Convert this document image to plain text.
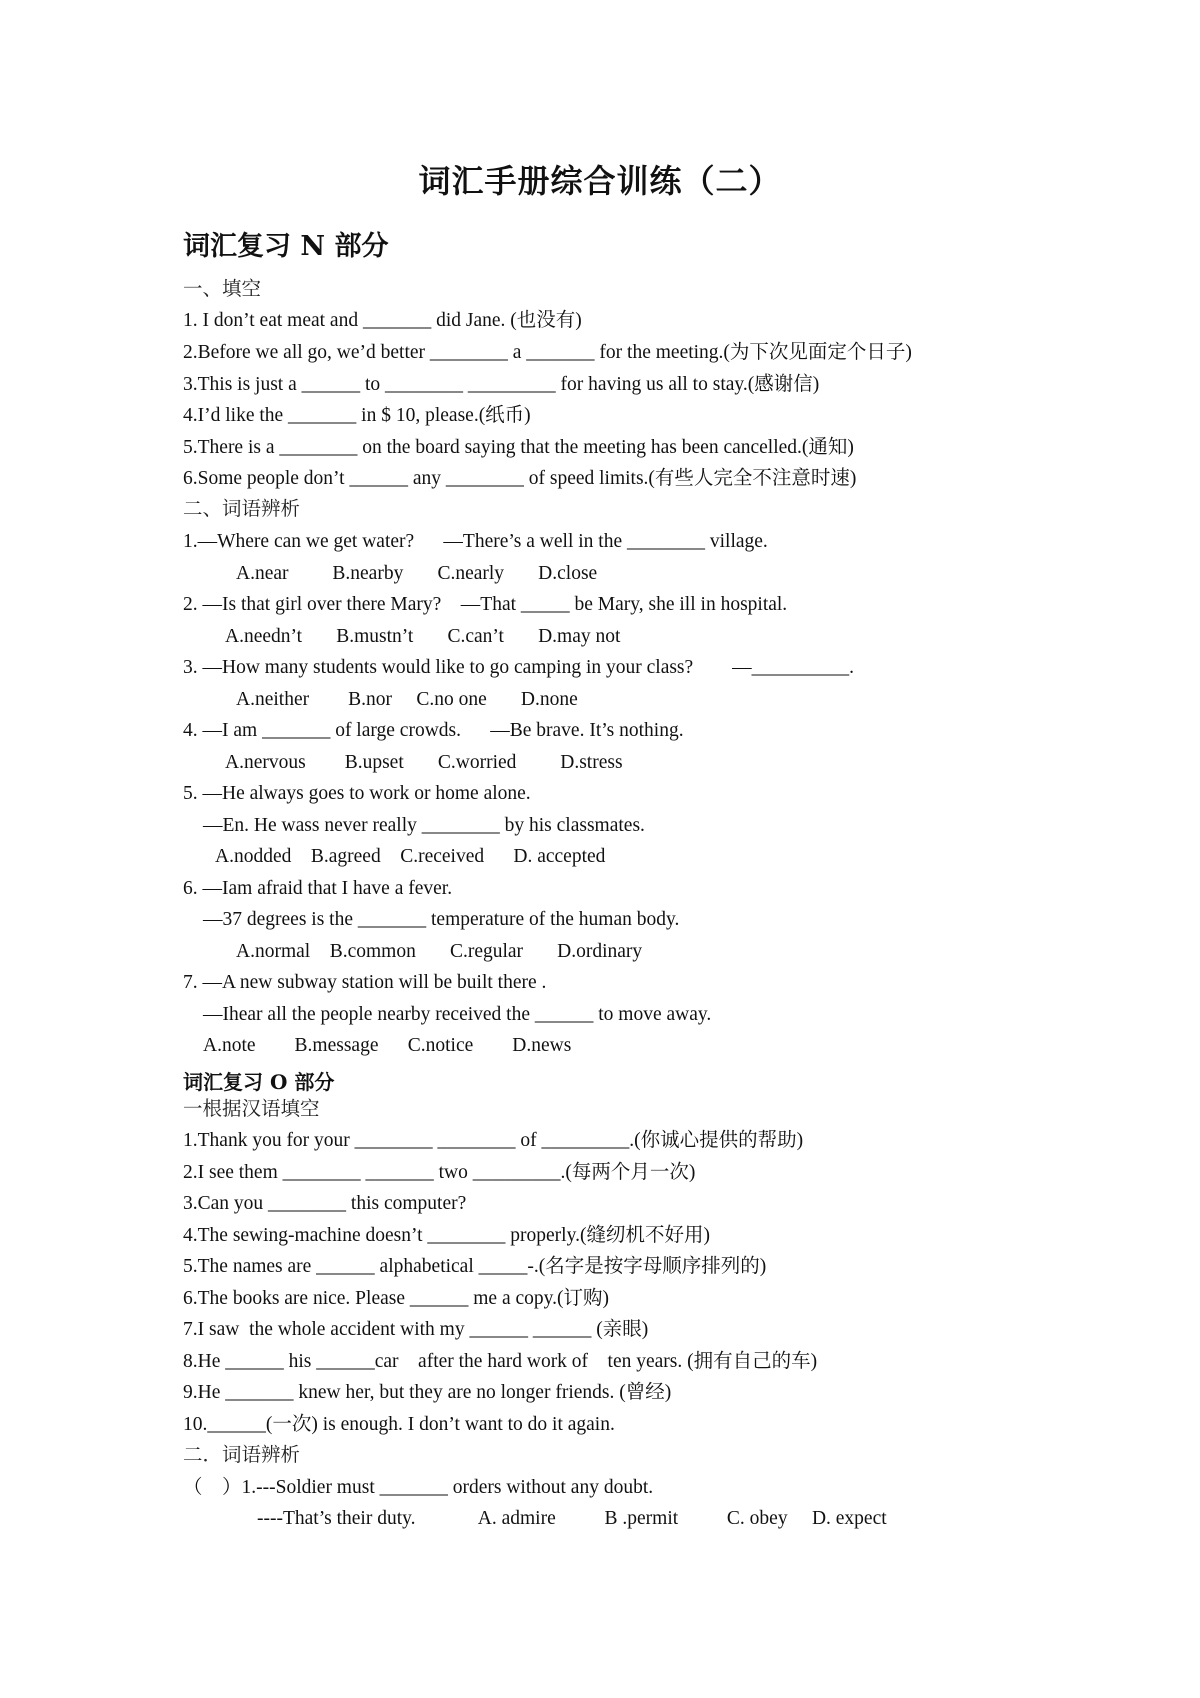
词汇手册综合训练（二）
词汇复习 N 部分
一、填空
1. I don’t eat meat and _______ did Jane. (也没有)
2.Before we all go, we’d better ________ a _______ for the meeting.(为下次见面定个日子)
3.This is just a ______ to ________ _________ for having us all to stay.(感谢信)
4.I’d like the _______ in $ 10, please.(纸币)
5.There is a ________ on the board saying that the meeting has been cancelled.(通知)
6.Some people don’t ______ any ________ of speed limits.(有些人完全不注意时速)
二、词语辨析
1.—Where can we get water?      —There’s a well in the ________ village.
A.near         B.nearby       C.nearly       D.close
2. —Is that girl over there Mary?    —That _____ be Mary, she ill in hospital.
A.needn’t       B.mustn’t       C.can’t       D.may not
3. —How many students would like to go camping in your class?        —__________.
A.neither        B.nor     C.no one       D.none
4. —I am _______ of large crowds.      —Be brave. It’s nothing.
A.nervous        B.upset       C.worried         D.stress
5. —He always goes to work or home alone.
—En. He wass never really ________ by his classmates.
A.nodded    B.agreed    C.received      D. accepted
6. —Iam afraid that I have a fever.
—37 degrees is the _______ temperature of the human body.
A.normal    B.common       C.regular       D.ordinary
7. —A new subway station will be built there .
—Ihear all the people nearby received the ______ to move away.
A.note        B.message      C.notice        D.news
词汇复习 O 部分
一根据汉语填空
1.Thank you for your ________ ________ of _________.(你诚心提供的帮助)
2.I see them ________ _______ two _________.(每两个月一次)
3.Can you ________ this computer?
4.The sewing-machine doesn’t ________ properly.(缝纫机不好用)
5.The names are ______ alphabetical _____-.(名字是按字母顺序排列的)
6.The books are nice. Please ______ me a copy.(订购)
7.I saw  the whole accident with my ______ ______ (亲眼)
8.He ______ his ______car    after the hard work of    ten years. (拥有自己的车)
9.He _______ knew her, but they are no longer friends. (曾经)
10.______(一次) is enough. I don’t want to do it again.
二．词语辨析
（    ）1.---Soldier must _______ orders without any doubt.
----That’s their duty.             A. admire          B .permit          C. obey     D. expect
